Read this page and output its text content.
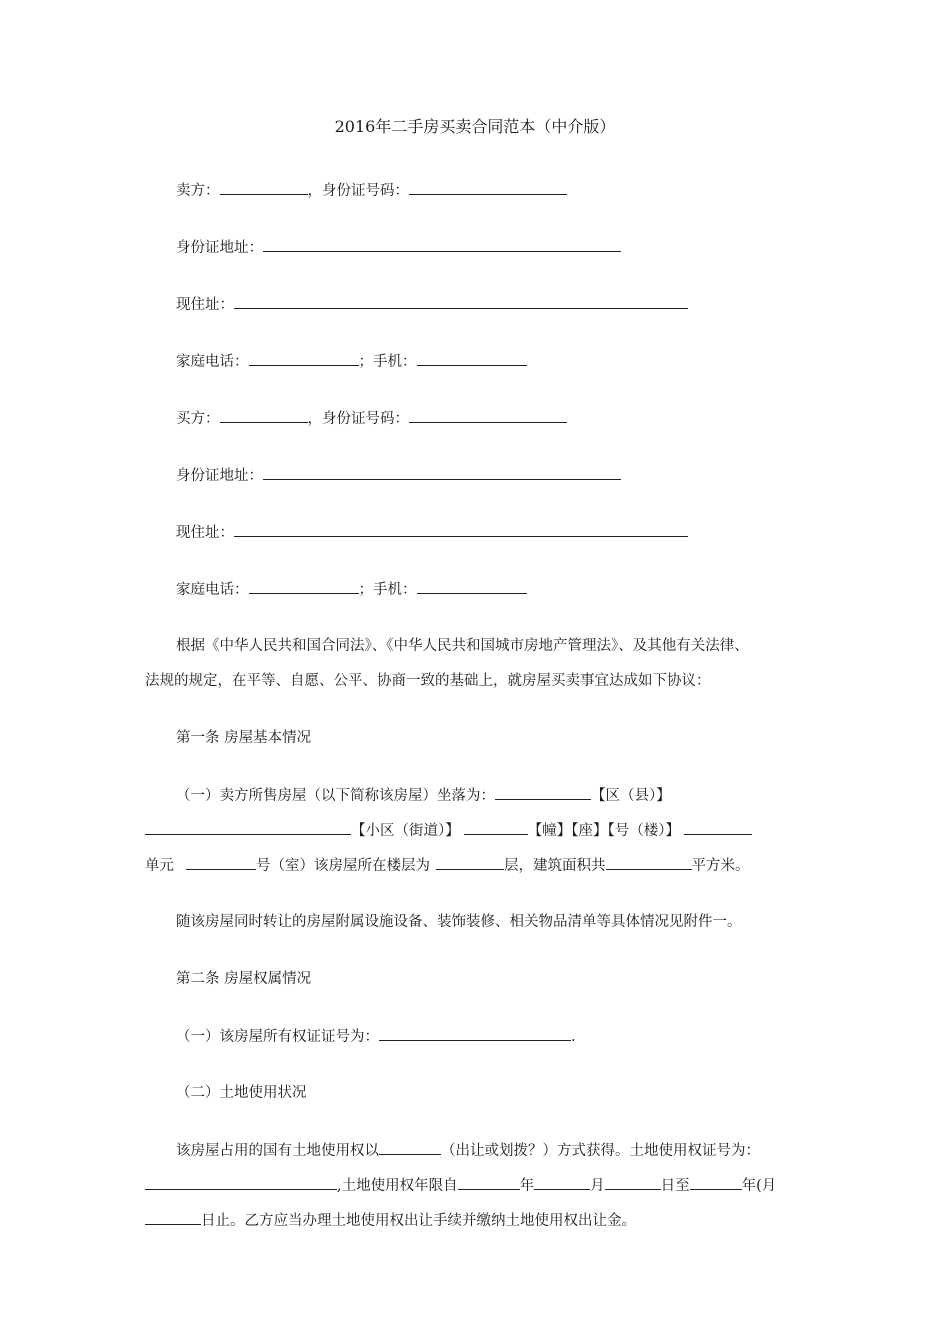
2016年二手房买卖合同范本（中介版）
卖方：	，身份证号码：
身份证地址：
现住址：
家庭电话：	；手机：
买方：	，身份证号码：
身份证地址：
现住址：
家庭电话：	；手机：
根据《中华人民共和国合同法》、《中华人民共和国城市房地产管理法》、及其他有关法律、
法规的规定，在平等、自愿、公平、协商一致的基础上，就房屋买卖事宜达成如下协议：
第一条 房屋基本情况
（一）卖方所售房屋（以下简称该房屋）坐落为：	【区（县）】
【小区（街道）】	【幢】【座】【号（楼）】
单元	号（室）该房屋所在楼层为	层，建筑面积共	平方米。
随该房屋同时转让的房屋附属设施设备、装饰装修、相关物品清单等具体情况见附件一。
第二条 房屋权属情况
（一）该房屋所有权证证号为：	.
（二）土地使用状况
该房屋占用的国有土地使用权以	（出让或划拨？）方式获得。土地使用权证号为：
,土地使用权年限自	年	月	日至	年(月
日止。乙方应当办理土地使用权出让手续并缴纳土地使用权出让金。
